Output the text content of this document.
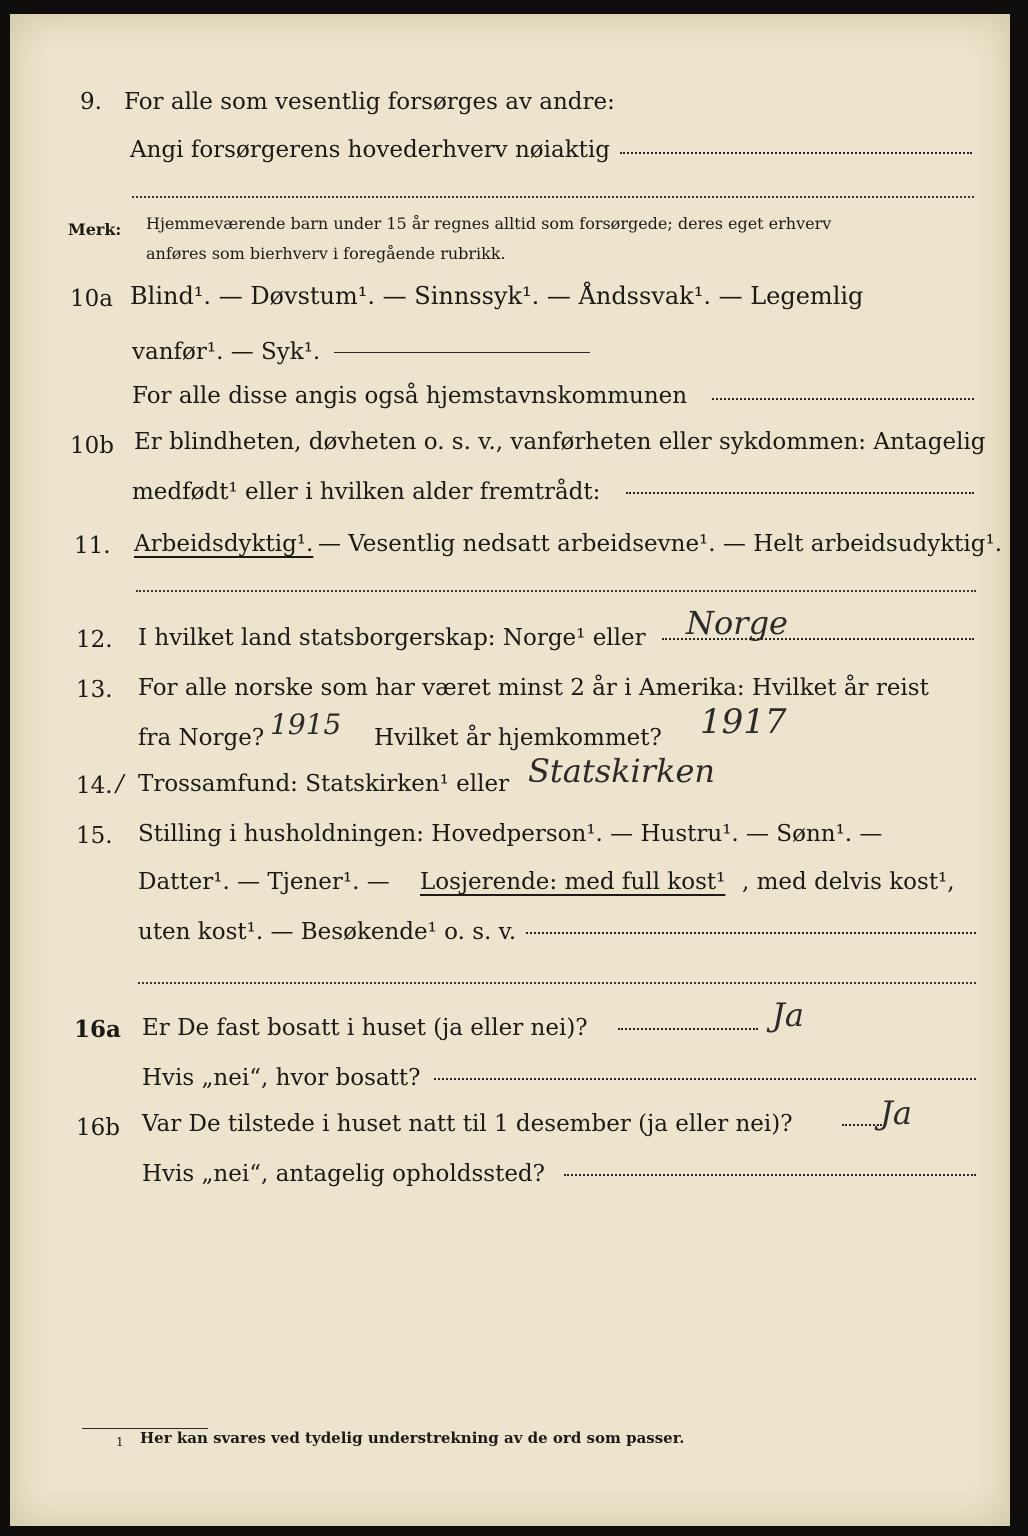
9. For alle som vesentlig forsørges av andre:
Angi forsørgerens hovederhverv nøiaktig
Merk: Hjemmeværende barn under 15 år regnes alltid som forsørgede; deres eget erhverv
anføres som bierhverv i foregående rubrikk.
10a Blind¹. — Døvstum¹. — Sinnssyk¹. — Åndssvak¹. — Legemlig
vanfør¹. — Syk¹.
For alle disse angis også hjemstavnskommunen
10b Er blindheten, døvheten o. s. v., vanførheten eller sykdommen: Antagelig
medfødt¹ eller i hvilken alder fremtrådt:
11. Arbeidsdyktig¹. — Vesentlig nedsatt arbeidsevne¹. — Helt arbeidsudyktig¹.
12. I hvilket land statsborgerskap: Norge¹ eller Norge
13. For alle norske som har været minst 2 år i Amerika: Hvilket år reist
fra Norge? 1915 Hvilket år hjemkommet? 1917
14. / Trossamfund: Statskirken¹ eller Statskirken
15. Stilling i husholdningen: Hovedperson¹. — Hustru¹. — Sønn¹. —
Datter¹. — Tjener¹. — Losjerende: med full kost¹ , med delvis kost¹,
uten kost¹. — Besøkende¹ o. s. v.
16a Er De fast bosatt i huset (ja eller nei)?	Ja
Hvis „nei“, hvor bosatt?
16b Var De tilstede i huset natt til 1 desember (ja eller nei)?	Ja
Hvis „nei“, antagelig opholdssted?
1 Her kan svares ved tydelig understrekning av de ord som passer.
